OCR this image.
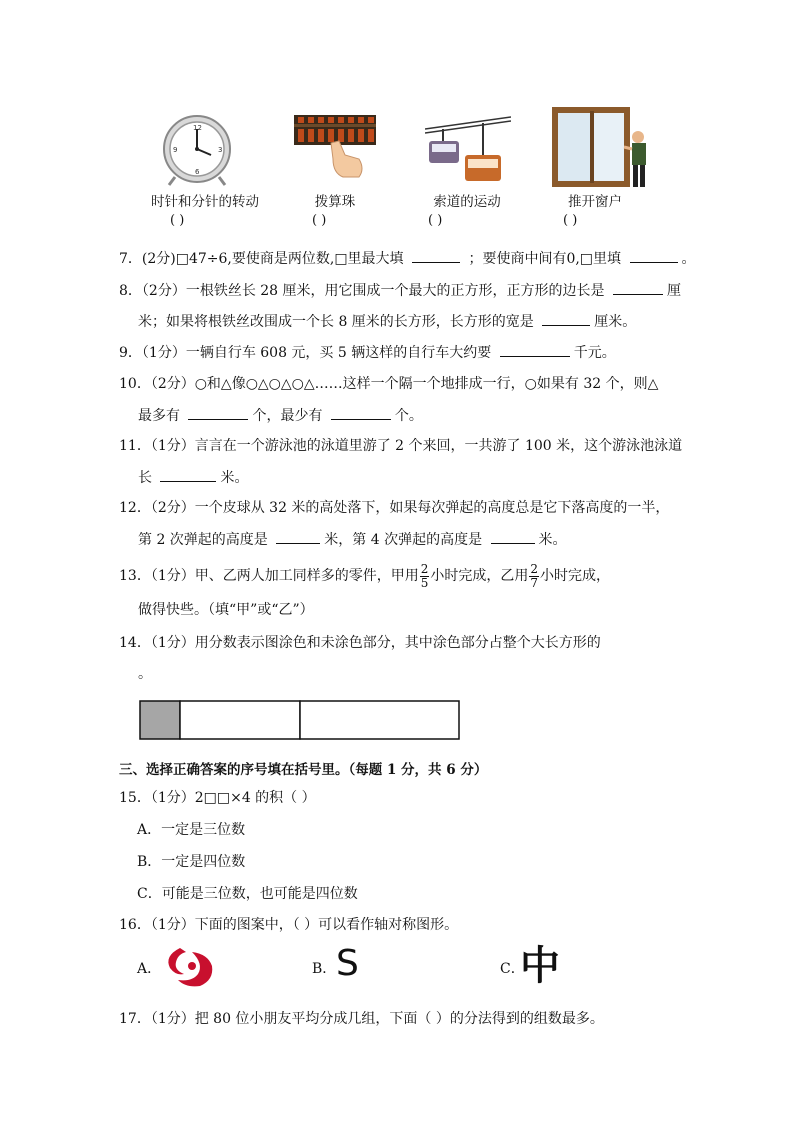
12
3
6
9
时针和分针的转动	拨算珠	索道的运动	推开窗户
( )	( )	( )	( )
7．(2分)□47÷6,要使商是两位数,□里最大填	；要使商中间有0,□里填	。
8．（2分）一根铁丝长 28 厘米，用它围成一个最大的正方形，正方形的边长是	厘
米；如果将根铁丝改围成一个长 8 厘米的长方形，长方形的宽是	厘米。
9．（1分）一辆自行车 608 元，买 5 辆这样的自行车大约要	千元。
10．（2分）○和△像○△○△○△……这样一个隔一个地排成一行，○如果有 32 个，则△
最多有	个，最少有	个。
11．（1分）言言在一个游泳池的泳道里游了 2 个来回，一共游了 100 米，这个游泳池泳道
长	米。
12．（2分）一个皮球从 32 米的高处落下，如果每次弹起的高度总是它下落高度的一半，
第 2 次弹起的高度是	米，第 4 次弹起的高度是	米。
13．（1分）甲、乙两人加工同样多的零件，甲用 $\frac{2}{5}$ 小时完成，乙用 $\frac{2}{7}$ 小时完成，
做得快些。（填“甲”或“乙”）
14．（1分）用分数表示图涂色和未涂色部分，其中涂色部分占整个大长方形的
。
三、选择正确答案的序号填在括号里。（每题 1 分，共 6 分）
15．（1分）2□□×4 的积（ ）
A．一定是三位数
B．一定是四位数
C．可能是三位数，也可能是四位数
16．（1分）下面的图案中，（ ）可以看作轴对称图形。
A．	B． S	C．
中
17．（1分）把 80 位小朋友平均分成几组，下面（ ）的分法得到的组数最多。
